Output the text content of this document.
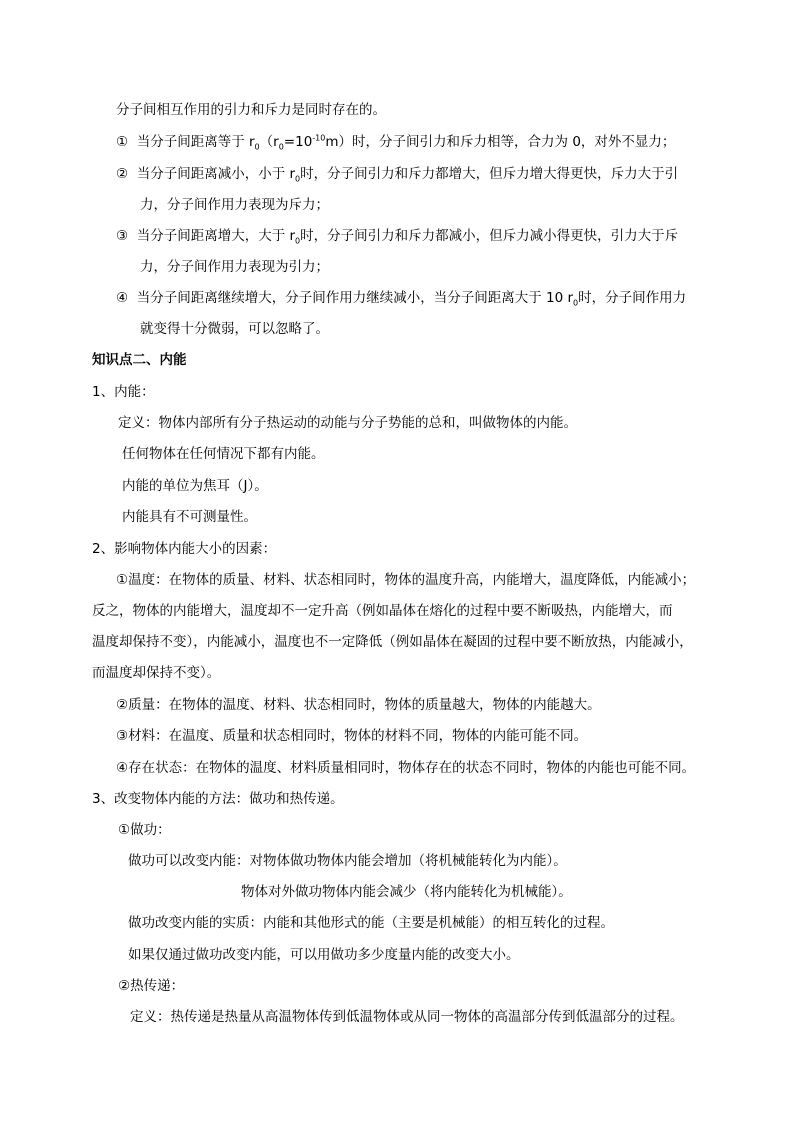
分子间相互作用的引力和斥力是同时存在的。
① 当分子间距离等于 $r_0(r_0=10^{-10}m)$时，分子间引力和斥力相等，合力为 0，对外不显力；
② 当分子间距离减小，小于 $r_0$时，分子间引力和斥力都增大，但斥力增大得更快，斥力大于引
力，分子间作用力表现为斥力；
③ 当分子间距离增大，大于 $r_0$时，分子间引力和斥力都减小，但斥力减小得更快，引力大于斥
力，分子间作用力表现为引力；
④ 当分子间距离继续增大，分子间作用力继续减小，当分子间距离大于 10 $r_0$时，分子间作用力
就变得十分微弱，可以忽略了。
知识点二、内能
1、内能：
定义：物体内部所有分子热运动的动能与分子势能的总和，叫做物体的内能。
任何物体在任何情况下都有内能。
内能的单位为焦耳（J）。
内能具有不可测量性。
2、影响物体内能大小的因素：
①温度：在物体的质量、材料、状态相同时，物体的温度升高，内能增大，温度降低，内能减小；
反之，物体的内能增大，温度却不一定升高（例如晶体在熔化的过程中要不断吸热，内能增大，而
温度却保持不变），内能减小，温度也不一定降低（例如晶体在凝固的过程中要不断放热，内能减小，
而温度却保持不变）。
②质量：在物体的温度、材料、状态相同时，物体的质量越大，物体的内能越大。
③材料：在温度、质量和状态相同时，物体的材料不同，物体的内能可能不同。
④存在状态：在物体的温度、材料质量相同时，物体存在的状态不同时，物体的内能也可能不同。
3、改变物体内能的方法：做功和热传递。
①做功：
做功可以改变内能：对物体做功物体内能会增加（将机械能转化为内能）。
物体对外做功物体内能会减少（将内能转化为机械能）。
做功改变内能的实质：内能和其他形式的能（主要是机械能）的相互转化的过程。
如果仅通过做功改变内能，可以用做功多少度量内能的改变大小。
②热传递：
定义：热传递是热量从高温物体传到低温物体或从同一物体的高温部分传到低温部分的过程。
